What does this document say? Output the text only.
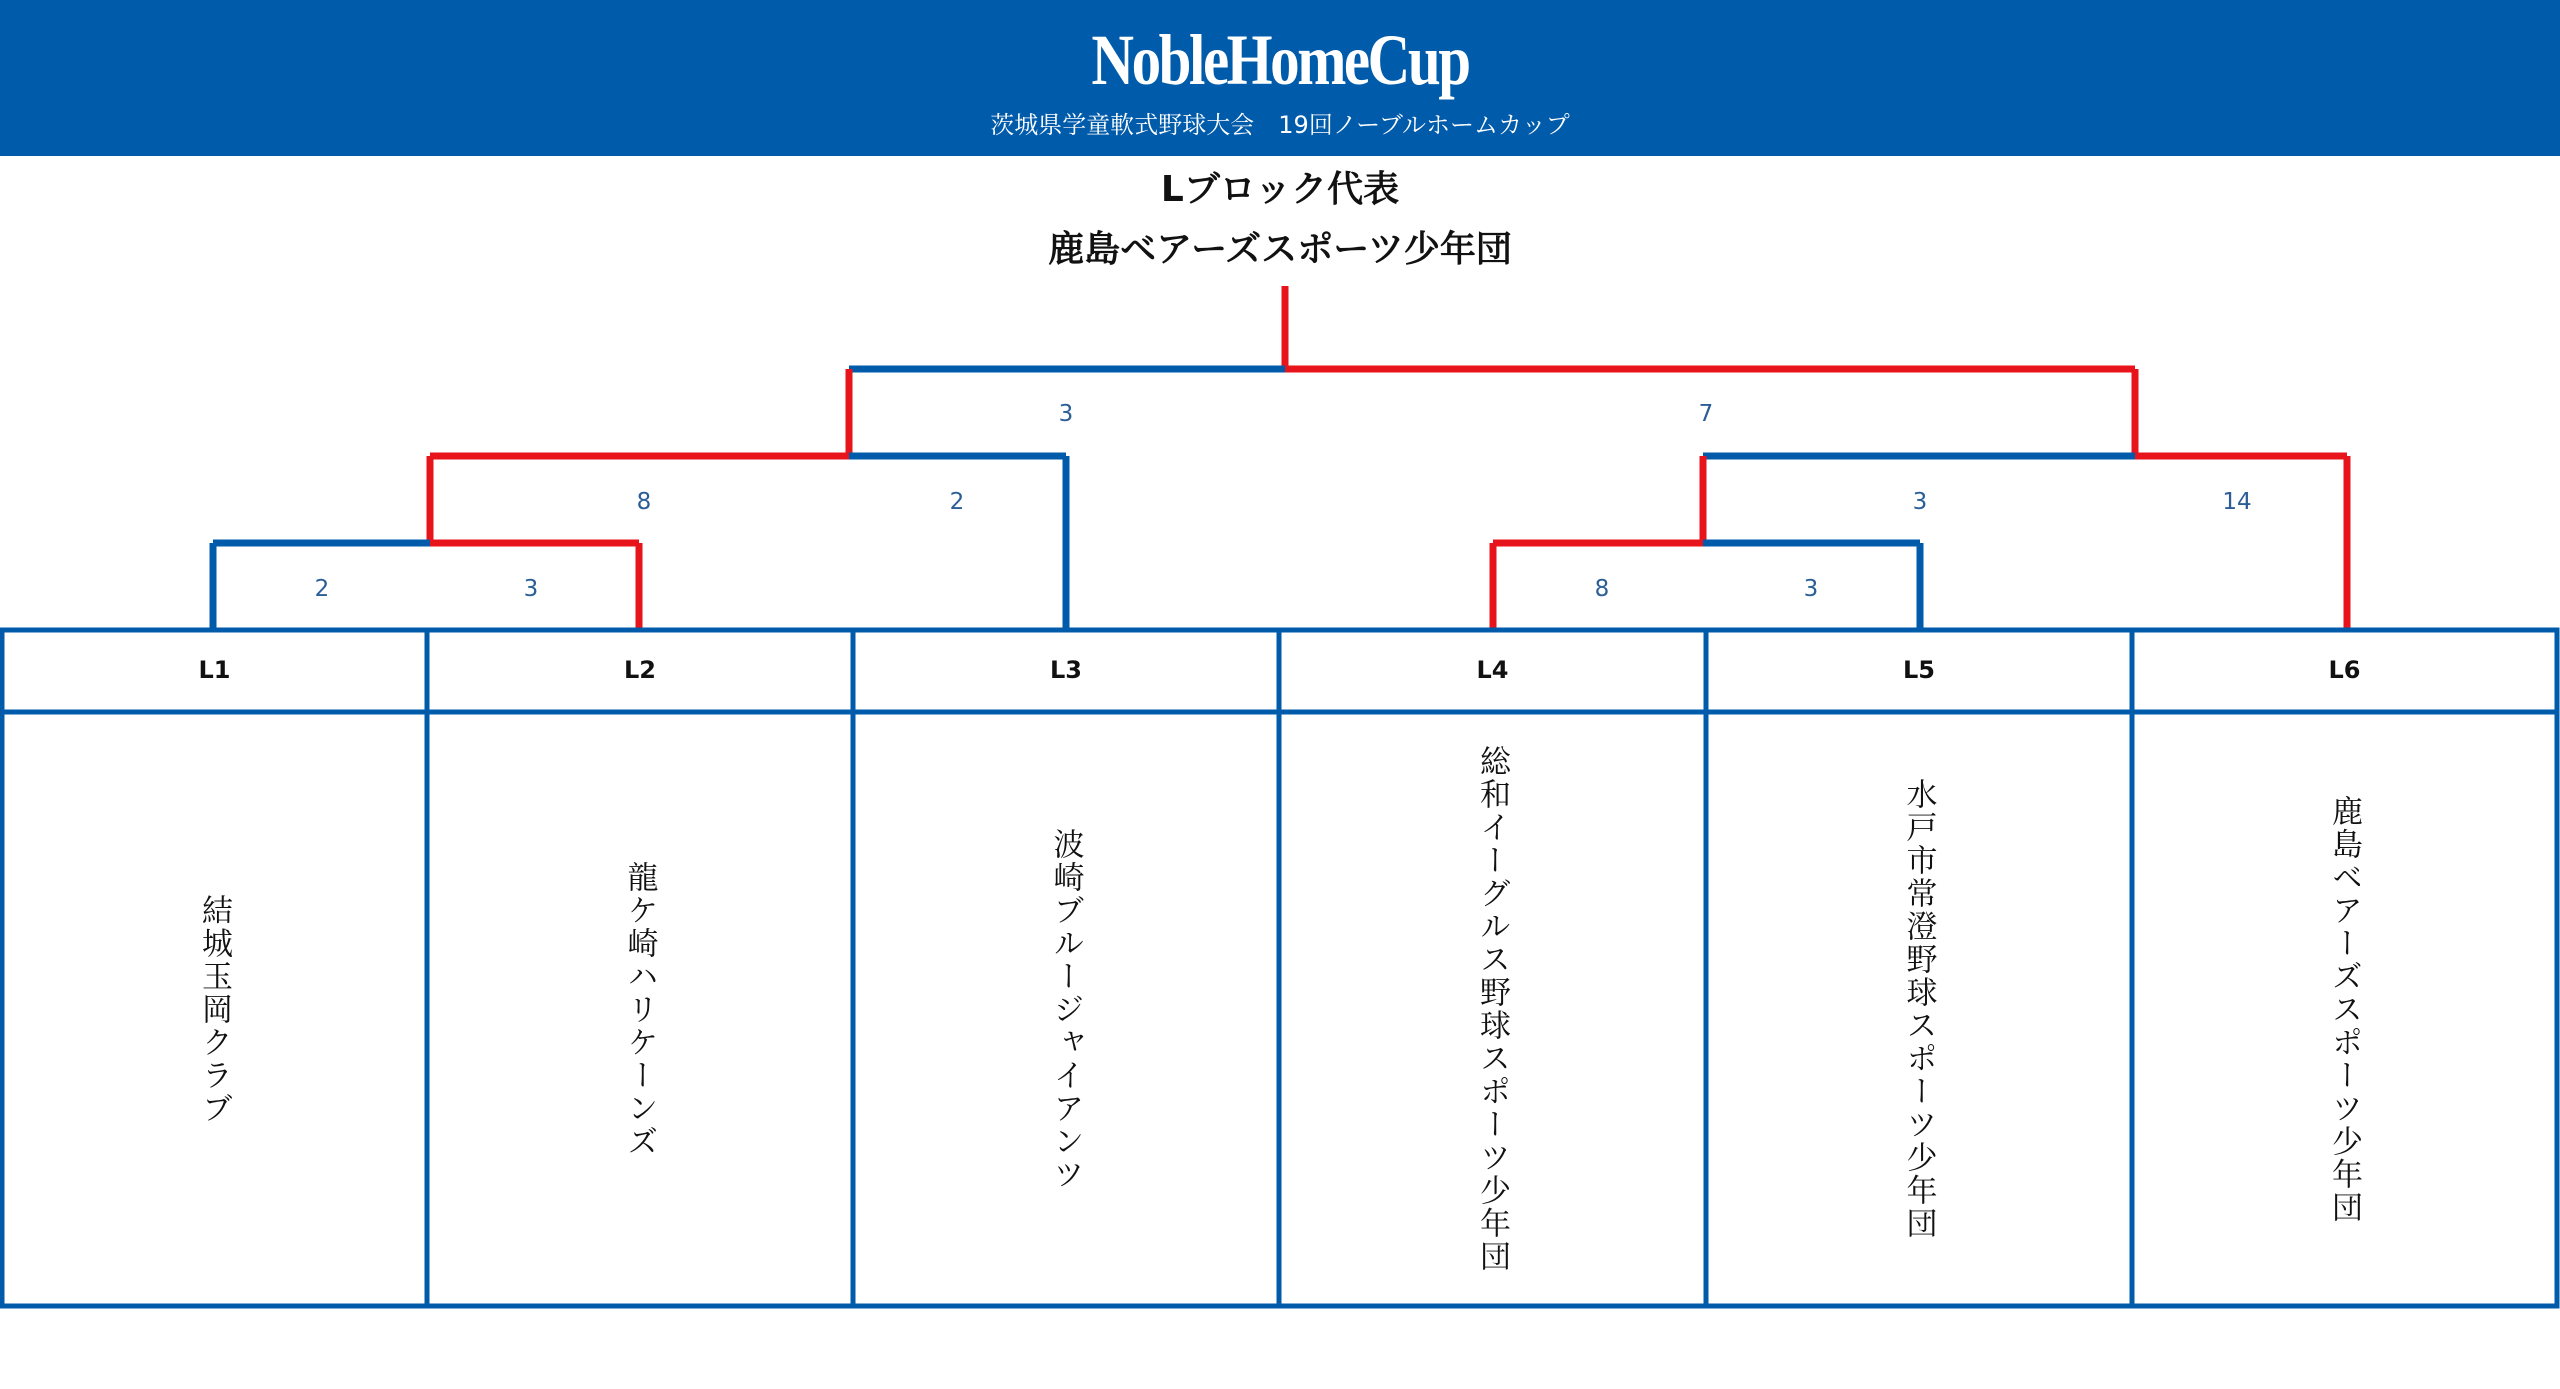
NobleHomeCup
茨城県学童軟式野球大会　19回ノーブルホームカップ
Lブロック代表
鹿島ベアーズスポーツ少年団
3	7
8	2	3	14
2	3	8	3
L1	L2	L3	L4	L5	L6
結城玉岡クラブ	龍ケ崎ハリケーンズ	波崎ブルージャイアンツ	総和イーグルス野球スポーツ少年団	水戸市常澄野球スポーツ少年団	鹿島ベアーズスポーツ少年団
